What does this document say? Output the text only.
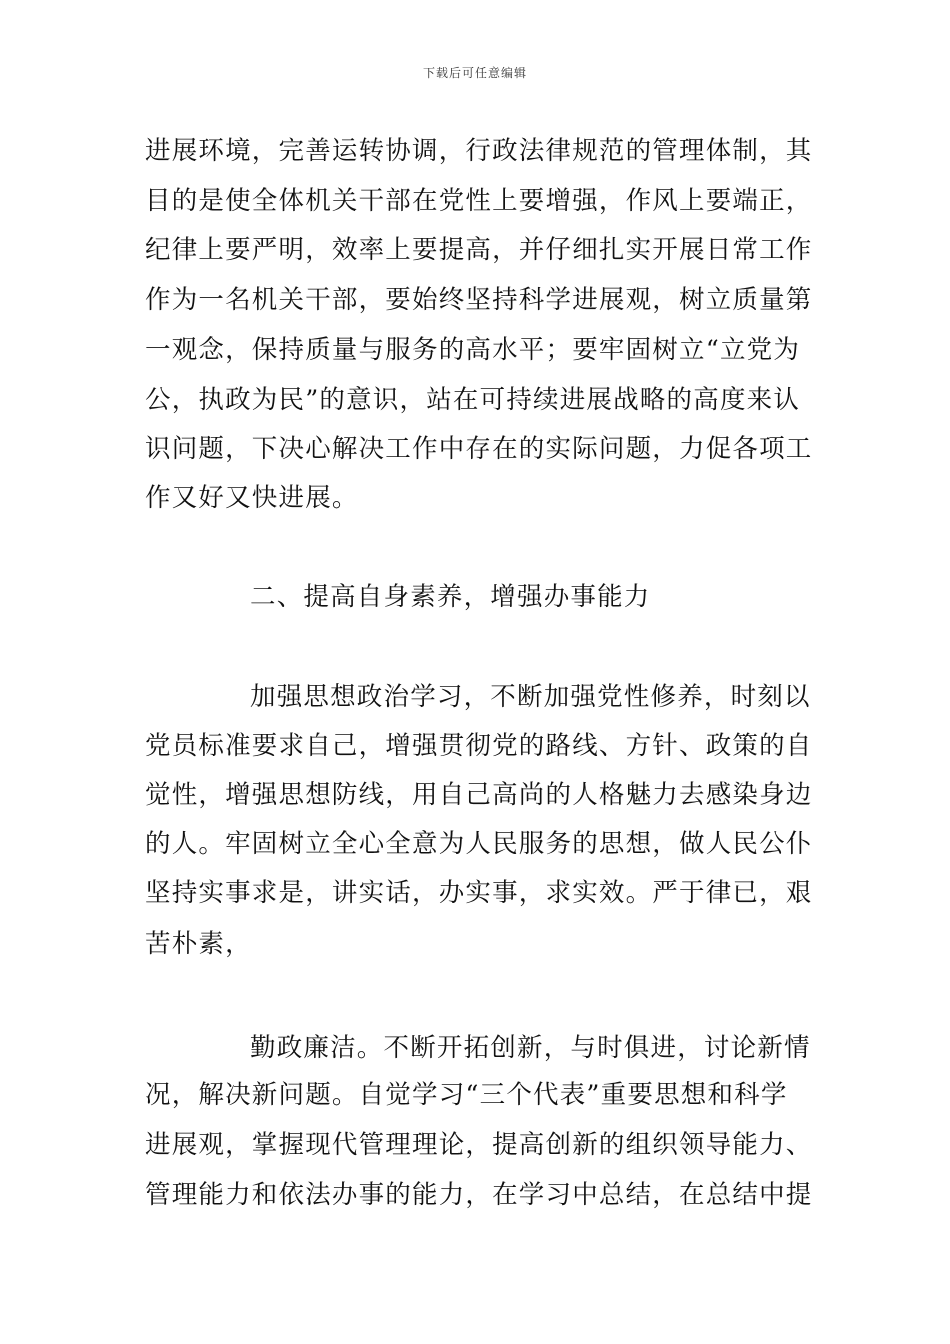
下载后可任意编辑
进展环境，完善运转协调，行政法律规范的管理体制，其
目的是使全体机关干部在党性上要增强，作风上要端正，
纪律上要严明，效率上要提高，并仔细扎实开展日常工作
作为一名机关干部，要始终坚持科学进展观，树立质量第
一观念，保持质量与服务的高水平；要牢固树立“立党为
公，执政为民”的意识，站在可持续进展战略的高度来认
识问题，下决心解决工作中存在的实际问题，力促各项工
作又好又快进展。
二、提高自身素养，增强办事能力
加强思想政治学习，不断加强党性修养，时刻以
党员标准要求自己，增强贯彻党的路线、方针、政策的自
觉性，增强思想防线，用自己高尚的人格魅力去感染身边
的人。牢固树立全心全意为人民服务的思想，做人民公仆
坚持实事求是，讲实话，办实事，求实效。严于律已，艰
苦朴素，
勤政廉洁。不断开拓创新，与时俱进，讨论新情
况，解决新问题。自觉学习“三个代表”重要思想和科学
进展观，掌握现代管理理论，提高创新的组织领导能力、
管理能力和依法办事的能力，在学习中总结，在总结中提
